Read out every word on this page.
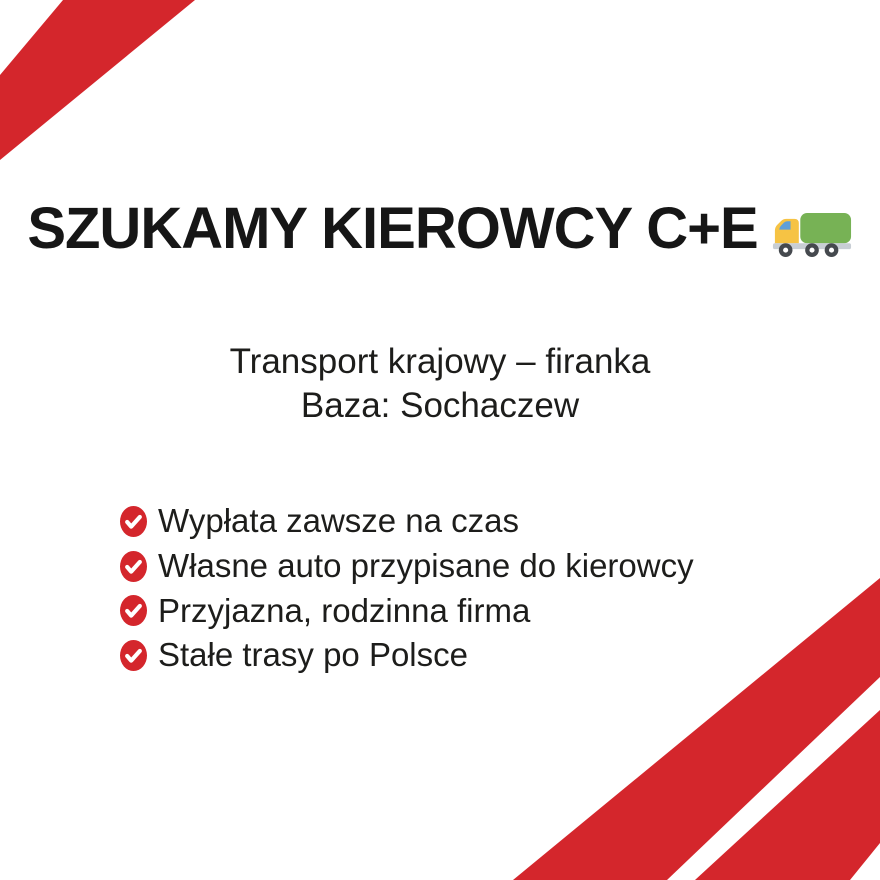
SZUKAMY KIEROWCY C+E
Transport krajowy – firanka
Baza: Sochaczew
Wypłata zawsze na czas
Własne auto przypisane do kierowcy
Przyjazna, rodzinna firma
Stałe trasy po Polsce
